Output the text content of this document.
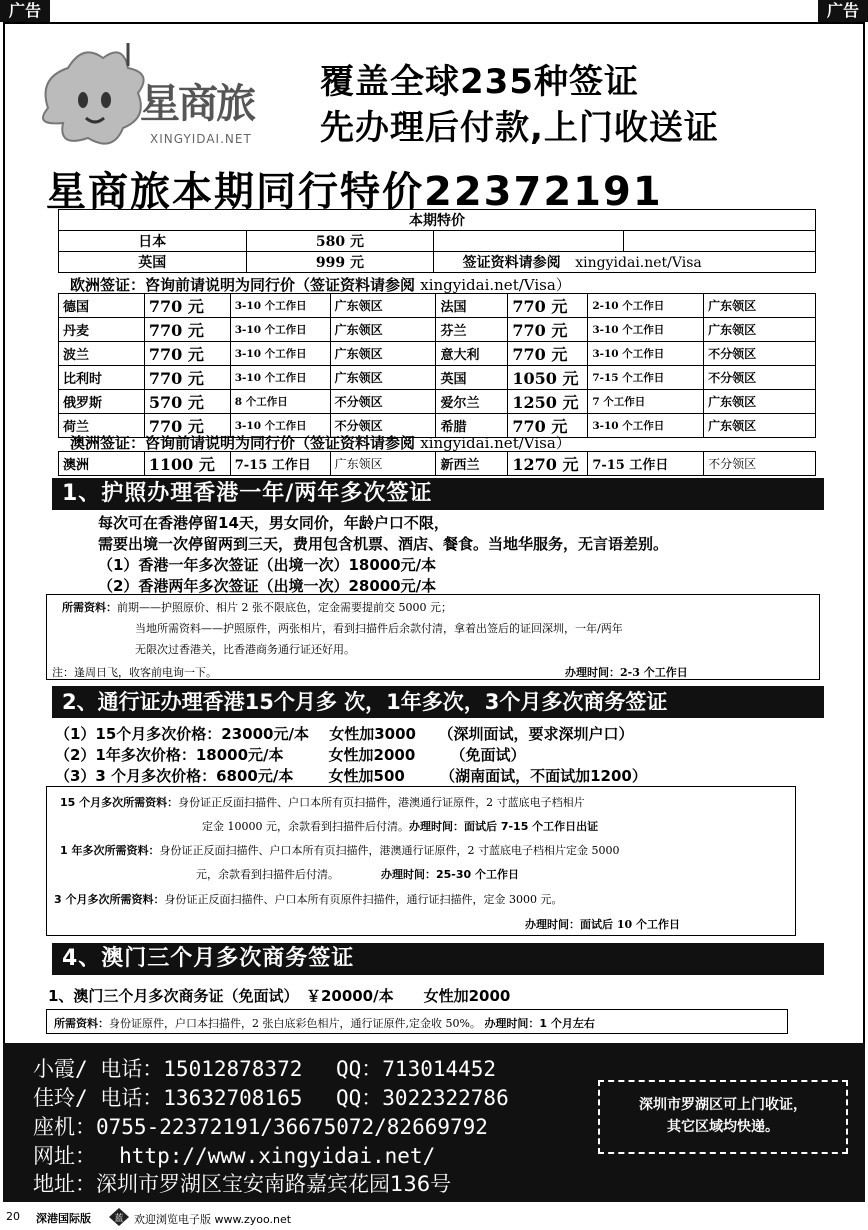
广告	广告
星商旅
XINGYIDAI.NET
覆盖全球235种签证
先办理后付款,上门收送证
星商旅本期同行特价22372191
本期特价			
日本	580 元		
英国	999 元	签证资料请参阅 xingyidai.net/Visa	
欧洲签证：咨询前请说明为同行价（签证资料请参阅 xingyidai.net/Visa）
德国	770 元	3-10 个工作日	广东领区	法国	770 元	2-10 个工作日	广东领区
丹麦	770 元	3-10 个工作日	广东领区	芬兰	770 元	3-10 个工作日	广东领区
波兰	770 元	3-10 个工作日	广东领区	意大利	770 元	3-10 个工作日	不分领区
比利时	770 元	3-10 个工作日	广东领区	英国	1050 元	7-15 个工作日	不分领区
俄罗斯	570 元	8 个工作日	不分领区	爱尔兰	1250 元	7 个工作日	广东领区
荷兰	770 元	3-10 个工作日	不分领区	希腊	770 元	3-10 个工作日	广东领区
澳洲签证：咨询前请说明为同行价（签证资料请参阅 xingyidai.net/Visa）
澳洲	1100 元	7-15 工作日	广东领区	新西兰	1270 元	7-15 工作日	不分领区
1、护照办理香港一年/两年多次签证
每次可在香港停留14天，男女同价，年龄户口不限，
需要出境一次停留两到三天，费用包含机票、酒店、餐食。当地华服务，无言语差别。
（1）香港一年多次签证（出境一次）18000元/本
（2）香港两年多次签证（出境一次）28000元/本
所需资料：前期——护照原价、相片 2 张不限底色，定金需要提前交 5000 元；
当地所需资料——护照原件，两张相片，看到扫描件后余款付清，拿着出签后的证回深圳，一年/两年
无限次过香港关，比香港商务通行证还好用。
注：逢周日飞，收客前电询一下。	办理时间：2-3 个工作日
2、通行证办理香港15个月多 次，1年多次，3个月多次商务签证
（1）15个月多次价格：23000元/本　 女性加3000　　（深圳面试，要求深圳户口）
（2）1年多次价格：18000元/本　　　女性加2000　　 （免面试）
（3）3 个月多次价格：6800元/本　　 女性加500　　 （湖南面试，不面试加1200）
15 个月多次所需资料：身份证正反面扫描件、户口本所有页扫描件，港澳通行证原件，2 寸蓝底电子档相片
定金 10000 元，余款看到扫描件后付清。办理时间：面试后 7-15 个工作日出证
1 年多次所需资料：身份证正反面扫描件、户口本所有页扫描件，港澳通行证原件，2 寸蓝底电子档相片定金 5000
元，余款看到扫描件后付清。	办理时间：25-30 个工作日
3 个月多次所需资料：身份证正反面扫描件、户口本所有页原件扫描件，通行证扫描件，定金 3000 元。
办理时间：面试后 10 个工作日
4、澳门三个月多次商务签证
1、澳门三个月多次商务证（免面试）　￥20000/本　　女性加2000
所需资料：身份证原件，户口本扫描件，2 张白底彩色相片，通行证原件,定金收 50%。 办理时间：1 个月左右
小霞/ 电话：15012878372　 QQ：713014452
佳玲/ 电话：13632708165　 QQ：3022322786
座机：0755-22372191/36675072/82669792
网址：　 http://www.xingyidai.net/
地址：深圳市罗湖区宝安南路嘉宾花园136号
深圳市罗湖区可上门收证，
其它区域均快递。
20 深港国际版	蓝 欢迎浏览电子版 www.zyoo.net
